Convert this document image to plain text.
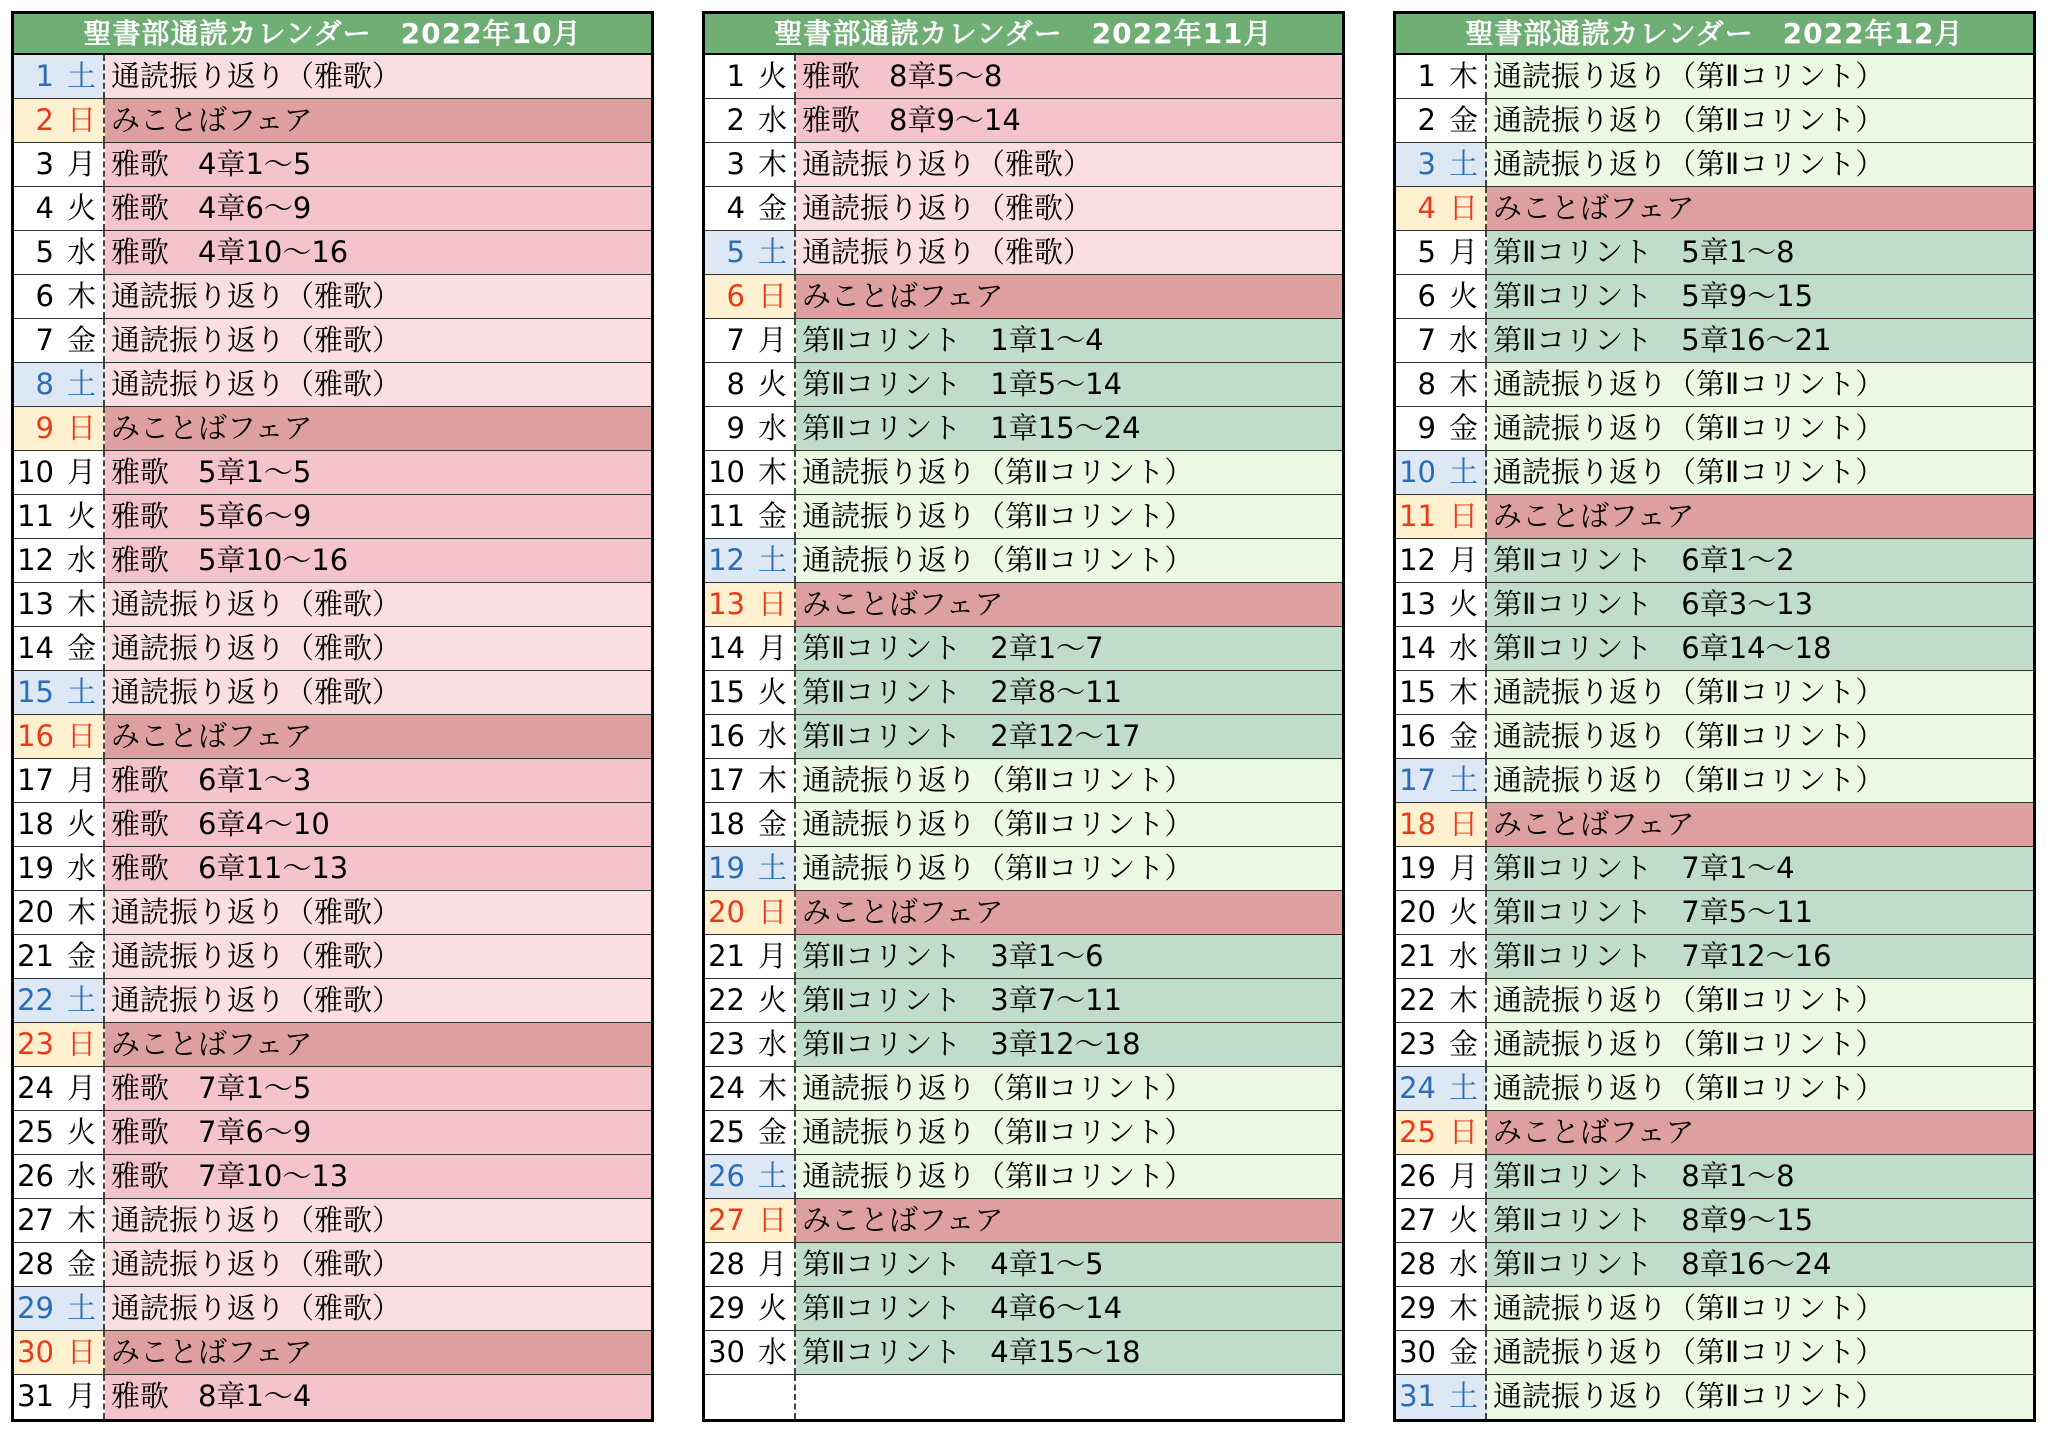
聖書部通読カレンダー　2022年10月
1 土 通読振り返り（雅歌）
2 日 みことばフェア
3 月 雅歌　4章1～5
4 火 雅歌　4章6～9
5 水 雅歌　4章10～16
6 木 通読振り返り（雅歌）
7 金 通読振り返り（雅歌）
8 土 通読振り返り（雅歌）
9 日 みことばフェア
10 月 雅歌　5章1～5
11 火 雅歌　5章6～9
12 水 雅歌　5章10～16
13 木 通読振り返り（雅歌）
14 金 通読振り返り（雅歌）
15 土 通読振り返り（雅歌）
16 日 みことばフェア
17 月 雅歌　6章1～3
18 火 雅歌　6章4～10
19 水 雅歌　6章11～13
20 木 通読振り返り（雅歌）
21 金 通読振り返り（雅歌）
22 土 通読振り返り（雅歌）
23 日 みことばフェア
24 月 雅歌　7章1～5
25 火 雅歌　7章6～9
26 水 雅歌　7章10～13
27 木 通読振り返り（雅歌）
28 金 通読振り返り（雅歌）
29 土 通読振り返り（雅歌）
30 日 みことばフェア
31 月 雅歌　8章1～4
聖書部通読カレンダー　2022年11月
1 火 雅歌　8章5～8
2 水 雅歌　8章9～14
3 木 通読振り返り（雅歌）
4 金 通読振り返り（雅歌）
5 土 通読振り返り（雅歌）
6 日 みことばフェア
7 月 第Ⅱコリント　1章1～4
8 火 第Ⅱコリント　1章5～14
9 水 第Ⅱコリント　1章15～24
10 木 通読振り返り（第Ⅱコリント）
11 金 通読振り返り（第Ⅱコリント）
12 土 通読振り返り（第Ⅱコリント）
13 日 みことばフェア
14 月 第Ⅱコリント　2章1～7
15 火 第Ⅱコリント　2章8～11
16 水 第Ⅱコリント　2章12～17
17 木 通読振り返り（第Ⅱコリント）
18 金 通読振り返り（第Ⅱコリント）
19 土 通読振り返り（第Ⅱコリント）
20 日 みことばフェア
21 月 第Ⅱコリント　3章1～6
22 火 第Ⅱコリント　3章7～11
23 水 第Ⅱコリント　3章12～18
24 木 通読振り返り（第Ⅱコリント）
25 金 通読振り返り（第Ⅱコリント）
26 土 通読振り返り（第Ⅱコリント）
27 日 みことばフェア
28 月 第Ⅱコリント　4章1～5
29 火 第Ⅱコリント　4章6～14
30 水 第Ⅱコリント　4章15～18
聖書部通読カレンダー　2022年12月
1 木 通読振り返り（第Ⅱコリント）
2 金 通読振り返り（第Ⅱコリント）
3 土 通読振り返り（第Ⅱコリント）
4 日 みことばフェア
5 月 第Ⅱコリント　5章1～8
6 火 第Ⅱコリント　5章9～15
7 水 第Ⅱコリント　5章16～21
8 木 通読振り返り（第Ⅱコリント）
9 金 通読振り返り（第Ⅱコリント）
10 土 通読振り返り（第Ⅱコリント）
11 日 みことばフェア
12 月 第Ⅱコリント　6章1～2
13 火 第Ⅱコリント　6章3～13
14 水 第Ⅱコリント　6章14～18
15 木 通読振り返り（第Ⅱコリント）
16 金 通読振り返り（第Ⅱコリント）
17 土 通読振り返り（第Ⅱコリント）
18 日 みことばフェア
19 月 第Ⅱコリント　7章1～4
20 火 第Ⅱコリント　7章5～11
21 水 第Ⅱコリント　7章12～16
22 木 通読振り返り（第Ⅱコリント）
23 金 通読振り返り（第Ⅱコリント）
24 土 通読振り返り（第Ⅱコリント）
25 日 みことばフェア
26 月 第Ⅱコリント　8章1～8
27 火 第Ⅱコリント　8章9～15
28 水 第Ⅱコリント　8章16～24
29 木 通読振り返り（第Ⅱコリント）
30 金 通読振り返り（第Ⅱコリント）
31 土 通読振り返り（第Ⅱコリント）
